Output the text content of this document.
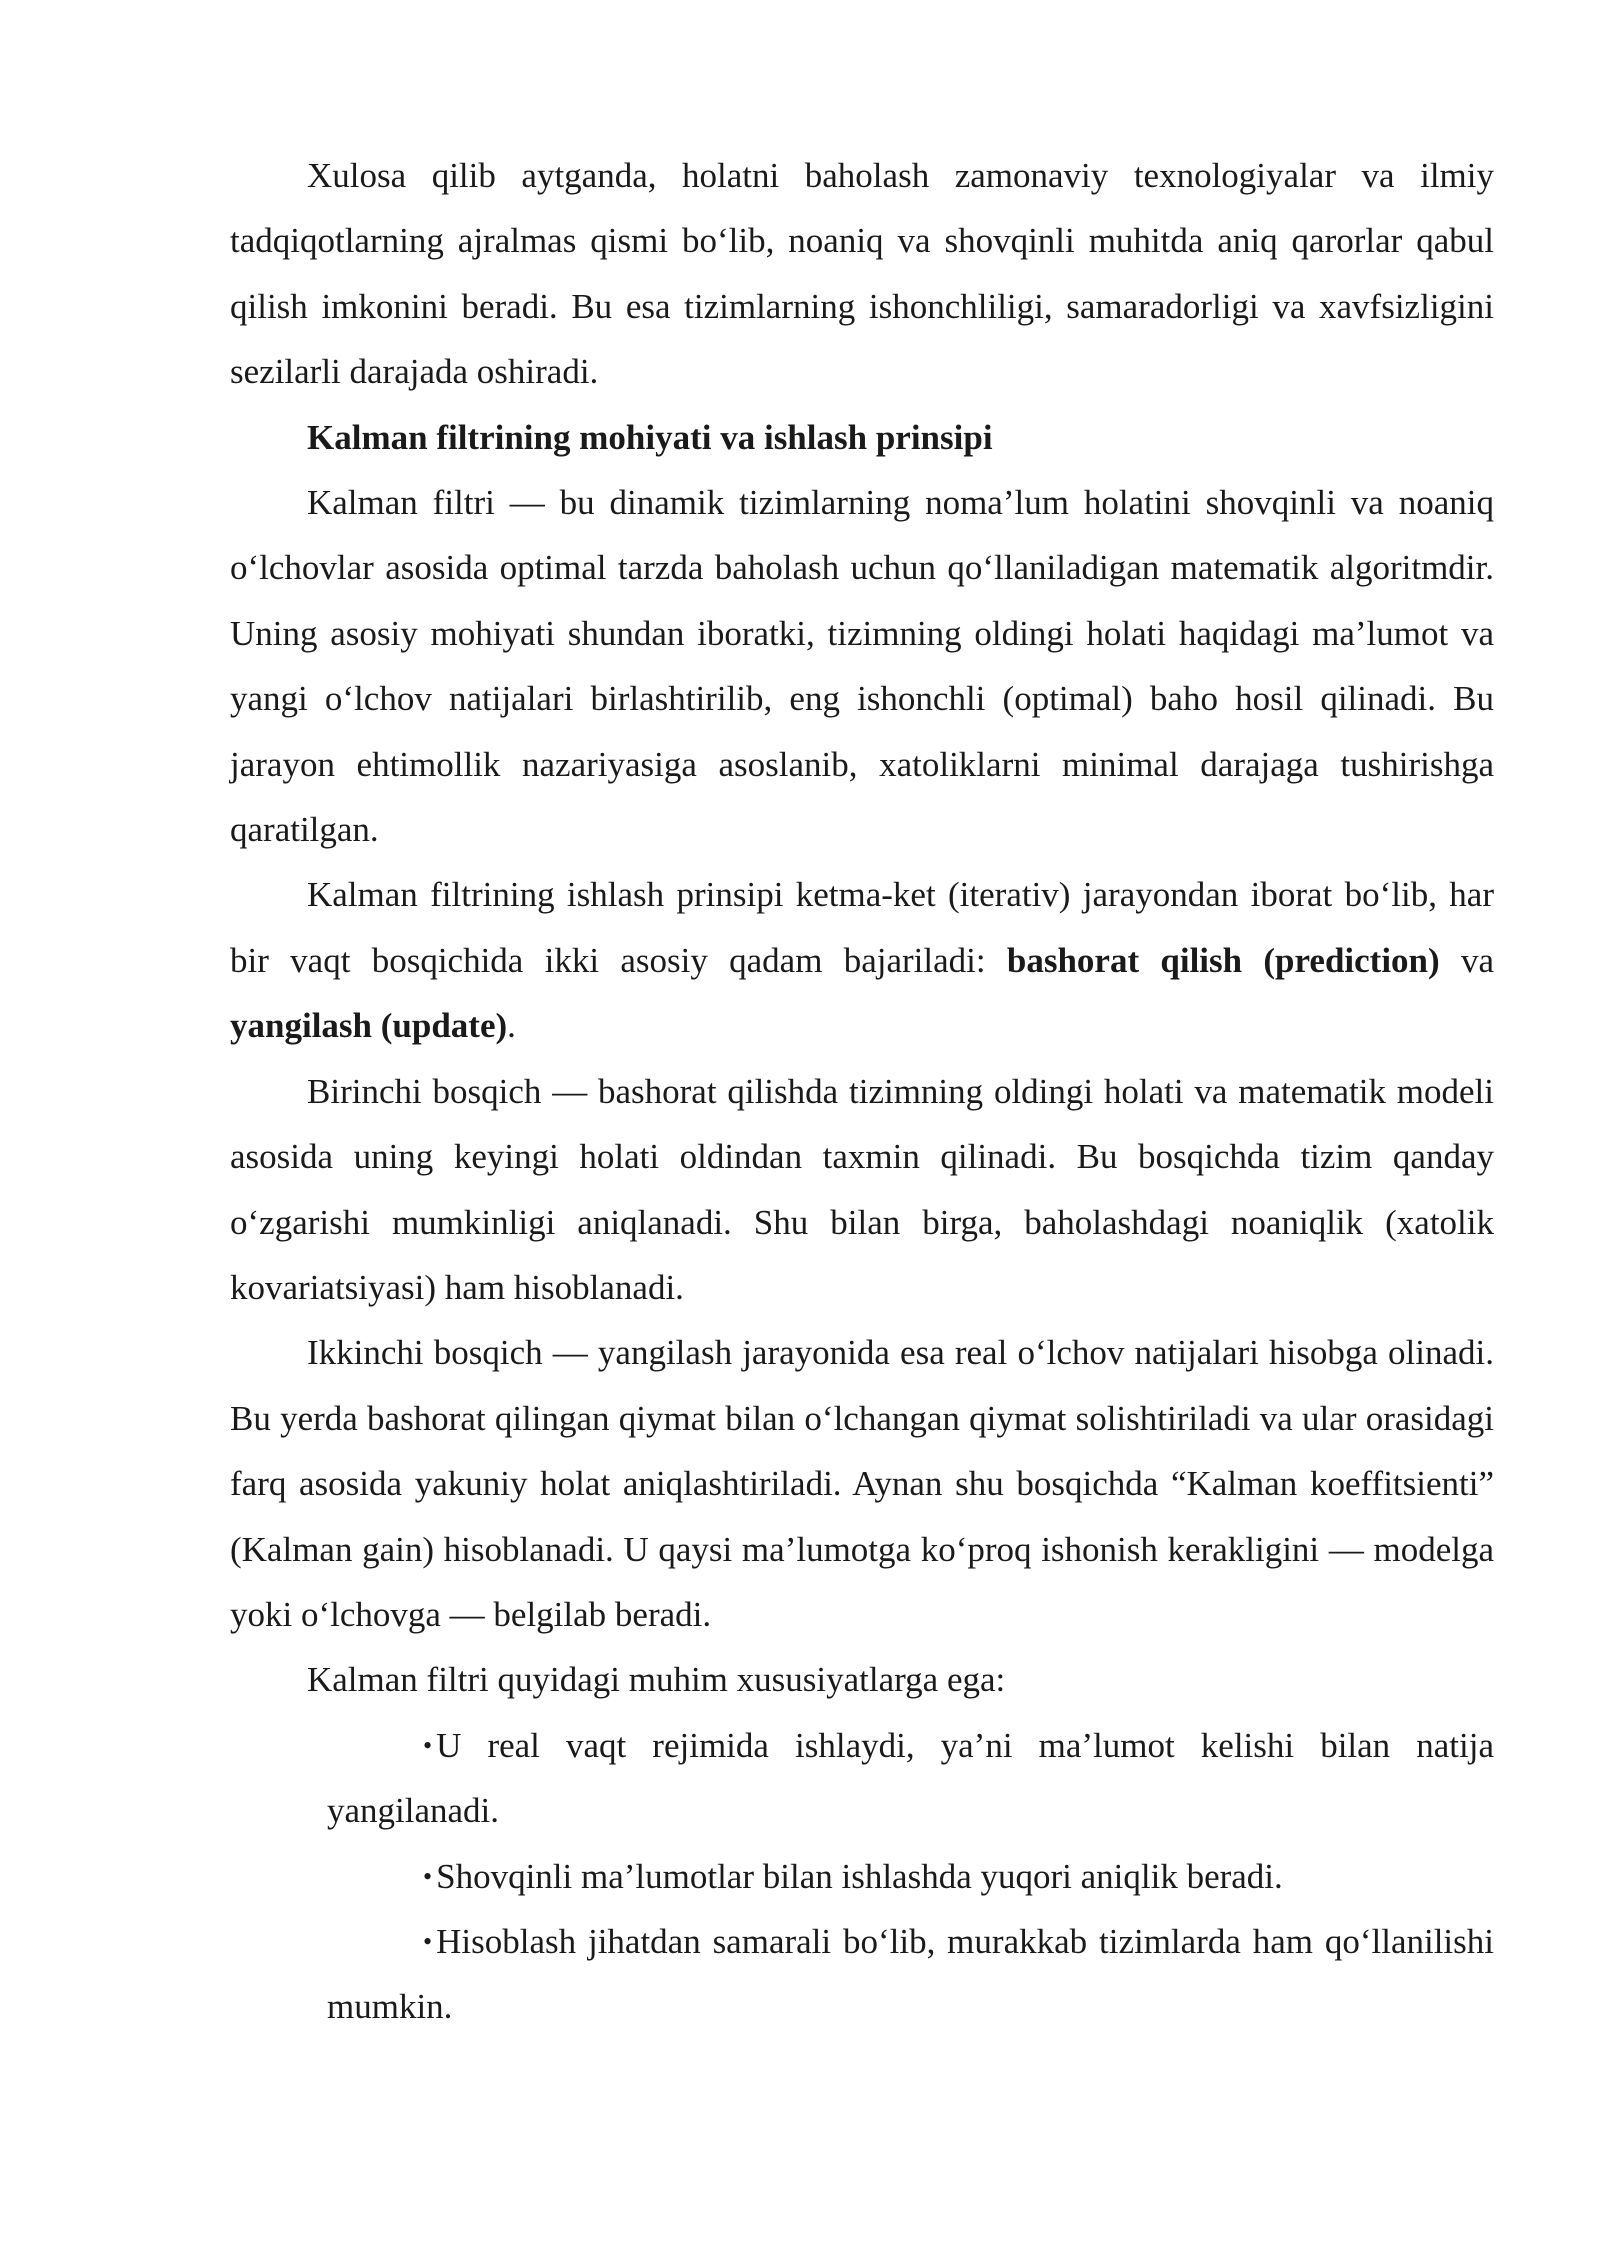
Xulosa qilib aytganda, holatni baholash zamonaviy texnologiyalar va ilmiy tadqiqotlarning ajralmas qismi bo‘lib, noaniq va shovqinli muhitda aniq qarorlar qabul qilish imkonini beradi. Bu esa tizimlarning ishonchliligi, samaradorligi va xavfsizligini sezilarli darajada oshiradi.

Kalman filtrining mohiyati va ishlash prinsipi

Kalman filtri — bu dinamik tizimlarning noma’lum holatini shovqinli va noaniq o‘lchovlar asosida optimal tarzda baholash uchun qo‘llaniladigan matematik algoritmdir. Uning asosiy mohiyati shundan iboratki, tizimning oldingi holati haqidagi ma’lumot va yangi o‘lchov natijalari birlashtirilib, eng ishonchli (optimal) baho hosil qilinadi. Bu jarayon ehtimollik nazariyasiga asoslanib, xatoliklarni minimal darajaga tushirishga qaratilgan.

Kalman filtrining ishlash prinsipi ketma-ket (iterativ) jarayondan iborat bo‘lib, har bir vaqt bosqichida ikki asosiy qadam bajariladi: bashorat qilish (prediction) va yangilash (update).

Birinchi bosqich — bashorat qilishda tizimning oldingi holati va matematik modeli asosida uning keyingi holati oldindan taxmin qilinadi. Bu bosqichda tizim qanday o‘zgarishi mumkinligi aniqlanadi. Shu bilan birga, baholashdagi noaniqlik (xatolik kovariatsiyasi) ham hisoblanadi.

Ikkinchi bosqich — yangilash jarayonida esa real o‘lchov natijalari hisobga olinadi. Bu yerda bashorat qilingan qiymat bilan o‘lchangan qiymat solishtiriladi va ular orasidagi farq asosida yakuniy holat aniqlashtiriladi. Aynan shu bosqichda “Kalman koeffitsienti” (Kalman gain) hisoblanadi. U qaysi ma’lumotga ko‘proq ishonish kerakligini — modelga yoki o‘lchovga — belgilab beradi.

Kalman filtri quyidagi muhim xususiyatlarga ega:

• U real vaqt rejimida ishlaydi, ya’ni ma’lumot kelishi bilan natija yangilanadi.

• Shovqinli ma’lumotlar bilan ishlashda yuqori aniqlik beradi.

• Hisoblash jihatdan samarali bo‘lib, murakkab tizimlarda ham qo‘llanilishi mumkin.
